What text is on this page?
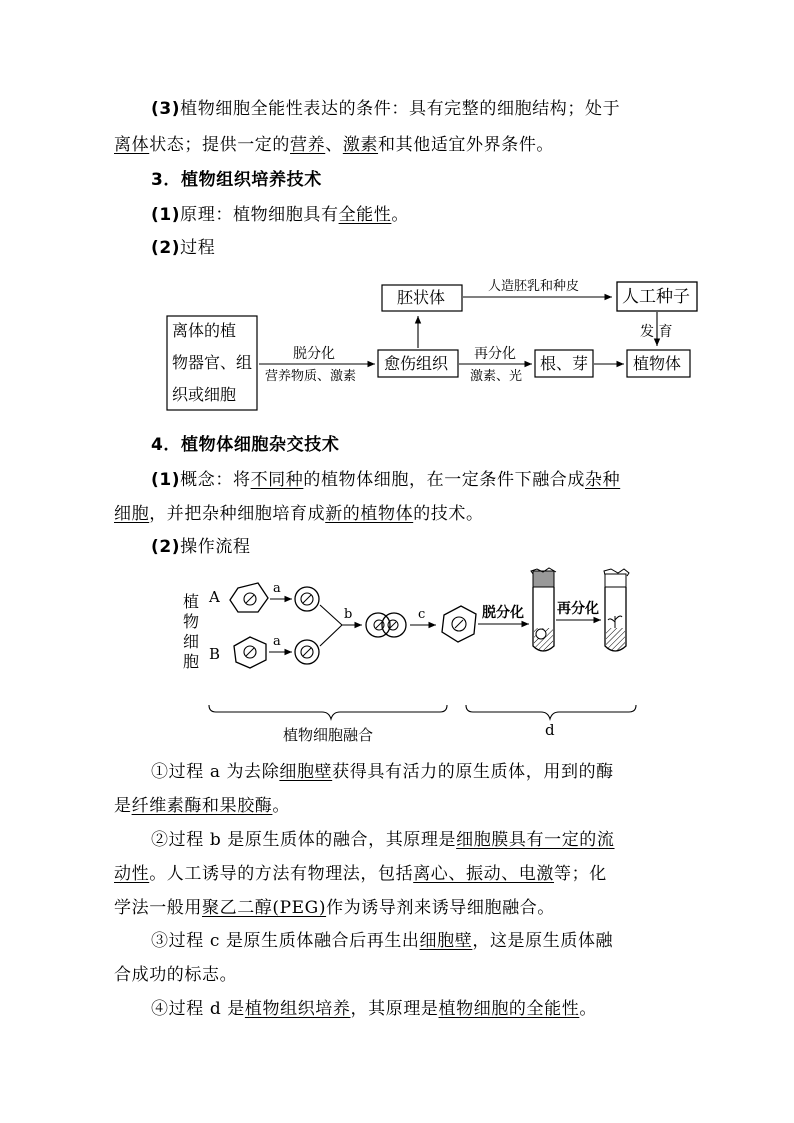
(3)植物细胞全能性表达的条件：具有完整的细胞结构；处于
离体状态；提供一定的营养、激素和其他适宜外界条件。
3．植物组织培养技术
(1)原理：植物细胞具有全能性。
(2)过程
离体的植
物器官、组
织或细胞
脱分化
营养物质、激素
愈伤组织
胚状体
人造胚乳和种皮
人工种子
再分化
激素、光
根、芽	植物体
发 育
4．植物体细胞杂交技术
(1)概念：将不同种的植物体细胞，在一定条件下融合成杂种
细胞，并把杂种细胞培育成新的植物体的技术。
(2)操作流程
植
物
细
胞
A
B
a
a
b	c	脱分化 再分化
植物细胞融合	d
①过程 a 为去除细胞壁获得具有活力的原生质体，用到的酶
是纤维素酶和果胶酶。
②过程 b 是原生质体的融合，其原理是细胞膜具有一定的流
动性。人工诱导的方法有物理法，包括离心、振动、电激等；化
学法一般用聚乙二醇(PEG)作为诱导剂来诱导细胞融合。
③过程 c 是原生质体融合后再生出细胞壁，这是原生质体融
合成功的标志。
④过程 d 是植物组织培养，其原理是植物细胞的全能性。
